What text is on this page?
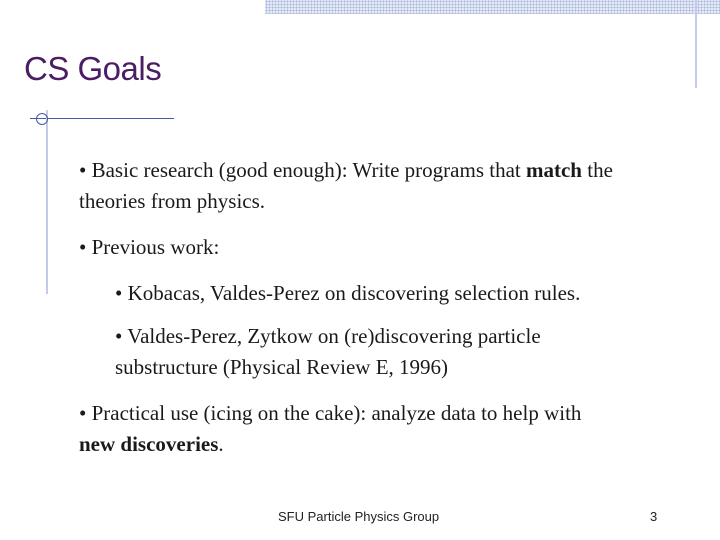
CS Goals

• Basic research (good enough): Write programs that match the theories from physics.

• Previous work:

• Kobacas, Valdes-Perez on discovering selection rules.

• Valdes-Perez, Zytkow on (re)discovering particle substructure (Physical Review E, 1996)

• Practical use (icing on the cake): analyze data to help with new discoveries.

SFU Particle Physics Group	3
